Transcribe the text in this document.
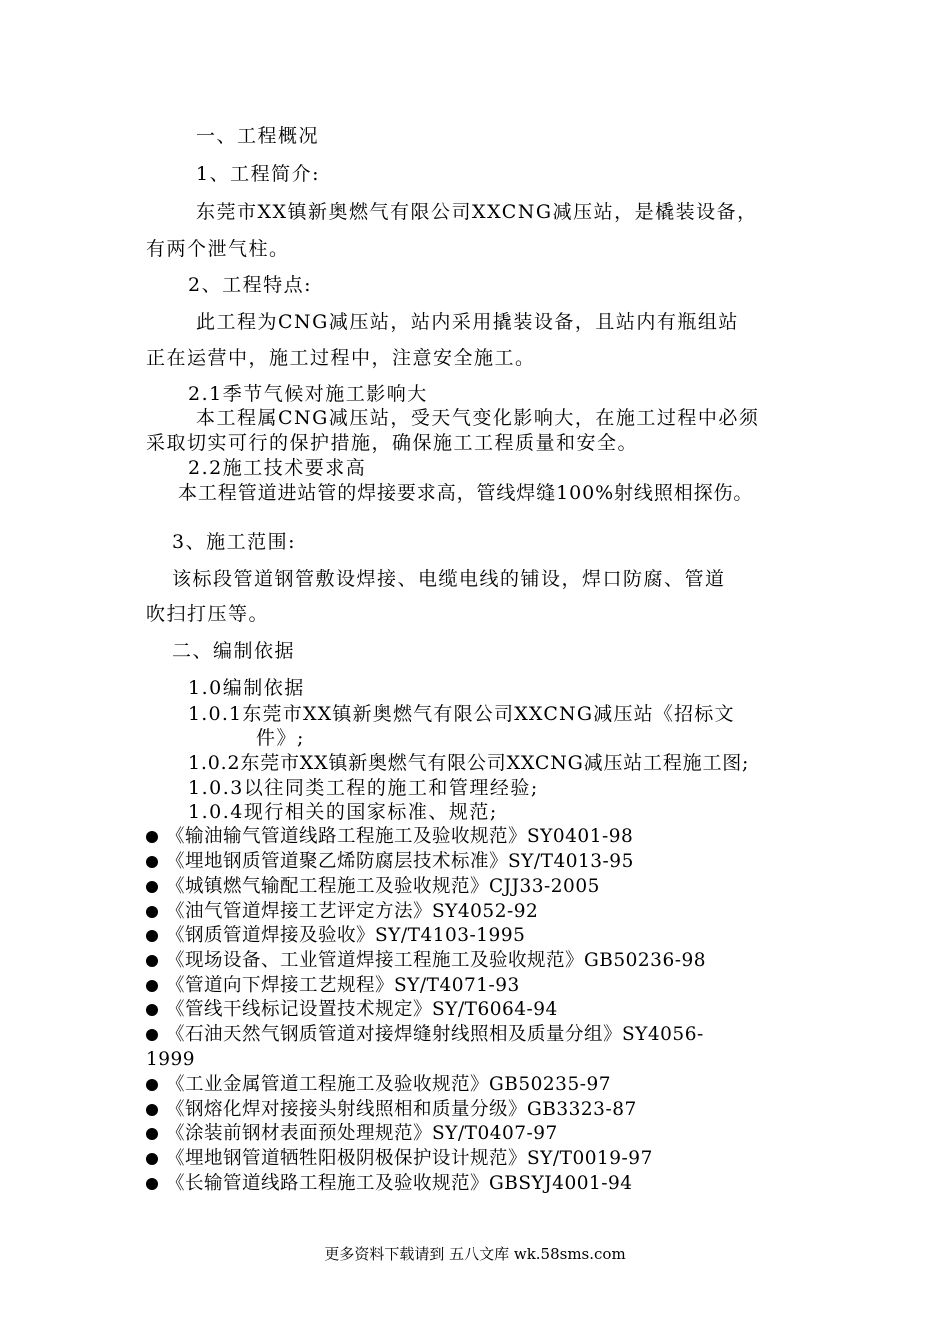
一、工程概况
1、工程简介:
东莞市XX镇新奥燃气有限公司XXCNG减压站，是橇装设备，
有两个泄气柱。
2、工程特点:
此工程为CNG减压站，站内采用撬装设备，且站内有瓶组站
正在运营中，施工过程中，注意安全施工。
2.1季节气候对施工影响大
本工程属CNG减压站，受天气变化影响大，在施工过程中必须
采取切实可行的保护措施，确保施工工程质量和安全。
2.2施工技术要求高
本工程管道进站管的焊接要求高，管线焊缝100%射线照相探伤。
3、施工范围:
该标段管道钢管敷设焊接、电缆电线的铺设，焊口防腐、管道
吹扫打压等。
二、编制依据
1.0编制依据
1.0.1东莞市XX镇新奥燃气有限公司XXCNG减压站《招标文
件》;
1.0.2东莞市XX镇新奥燃气有限公司XXCNG减压站工程施工图;
1.0.3以往同类工程的施工和管理经验;
1.0.4现行相关的国家标准、规范;
《输油输气管道线路工程施工及验收规范》SY0401-98
《埋地钢质管道聚乙烯防腐层技术标准》SY/T4013-95
《城镇燃气输配工程施工及验收规范》CJJ33-2005
《油气管道焊接工艺评定方法》SY4052-92
《钢质管道焊接及验收》SY/T4103-1995
《现场设备、工业管道焊接工程施工及验收规范》GB50236-98
《管道向下焊接工艺规程》SY/T4071-93
《管线干线标记设置技术规定》SY/T6064-94
《石油天然气钢质管道对接焊缝射线照相及质量分组》SY4056-
1999
《工业金属管道工程施工及验收规范》GB50235-97
《钢熔化焊对接接头射线照相和质量分级》GB3323-87
《涂装前钢材表面预处理规范》SY/T0407-97
《埋地钢管道牺牲阳极阴极保护设计规范》SY/T0019-97
《长输管道线路工程施工及验收规范》GBSYJ4001-94
更多资料下载请到 五八文库 wk.58sms.com
